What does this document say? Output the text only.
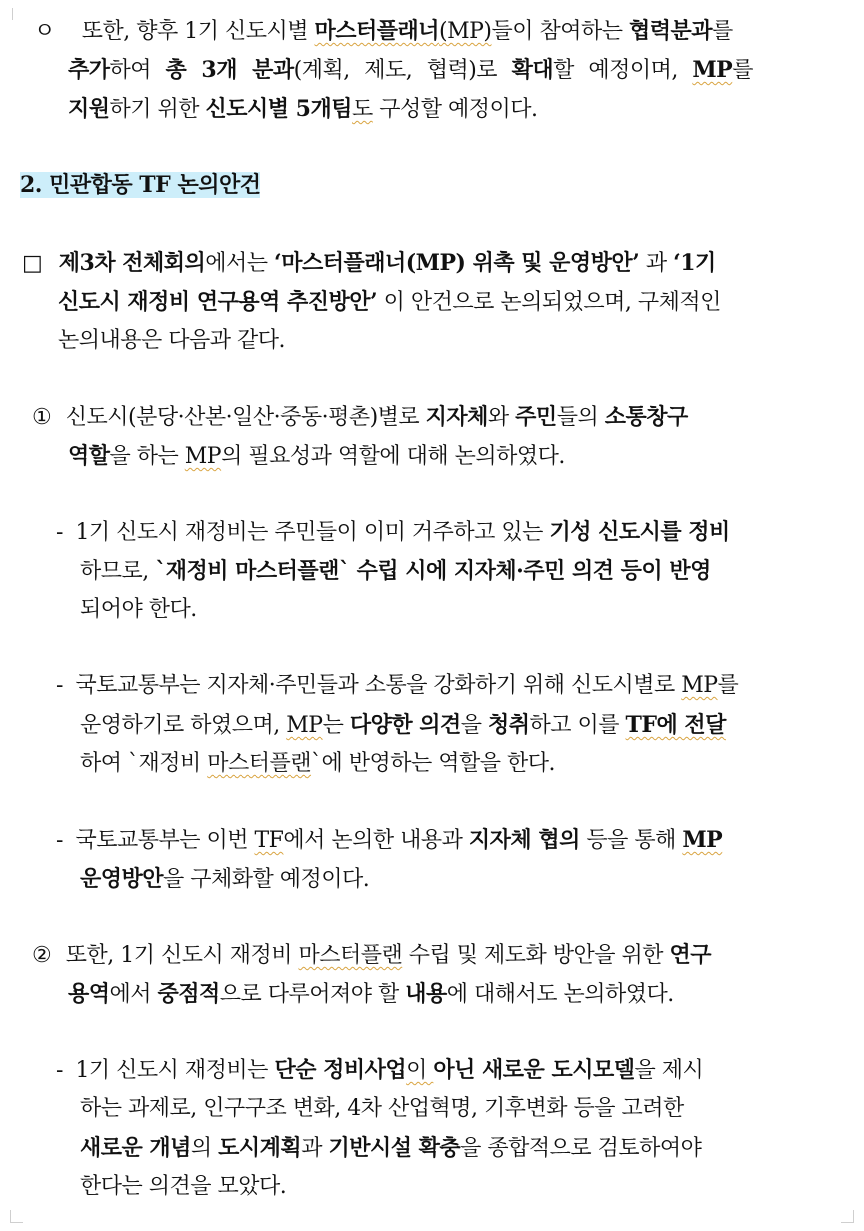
ㅇ  또한, 향후 1기 신도시별 마스터플래너(MP)들이 참여하는 협력분과를
추가하여 총 3개 분과(계획, 제도, 협력)로 확대할 예정이며, MP를
지원하기 위한 신도시별 5개팀도 구성할 예정이다.
2. 민관합동 TF 논의안건
□ 제3차 전체회의에서는 ‘마스터플래너(MP) 위촉 및 운영방안’ 과 ‘1기
신도시 재정비 연구용역 추진방안’ 이 안건으로 논의되었으며, 구체적인
논의내용은 다음과 같다.
① 신도시(분당·산본·일산·중동·평촌)별로 지자체와 주민들의 소통창구
역할을 하는 MP의 필요성과 역할에 대해 논의하였다.
- 1기 신도시 재정비는 주민들이 이미 거주하고 있는 기성 신도시를 정비
하므로, `재정비 마스터플랜` 수립 시에 지자체·주민 의견 등이 반영
되어야 한다.
- 국토교통부는 지자체·주민들과 소통을 강화하기 위해 신도시별로 MP를
운영하기로 하였으며, MP는 다양한 의견을 청취하고 이를 TF에 전달
하여 `재정비 마스터플랜`에 반영하는 역할을 한다.
- 국토교통부는 이번 TF에서 논의한 내용과 지자체 협의 등을 통해 MP
운영방안을 구체화할 예정이다.
② 또한, 1기 신도시 재정비 마스터플랜 수립 및 제도화 방안을 위한 연구
용역에서 중점적으로 다루어져야 할 내용에 대해서도 논의하였다.
- 1기 신도시 재정비는 단순 정비사업이 아닌 새로운 도시모델을 제시
하는 과제로, 인구구조 변화, 4차 산업혁명, 기후변화 등을 고려한
새로운 개념의 도시계획과 기반시설 확충을 종합적으로 검토하여야
한다는 의견을 모았다.
